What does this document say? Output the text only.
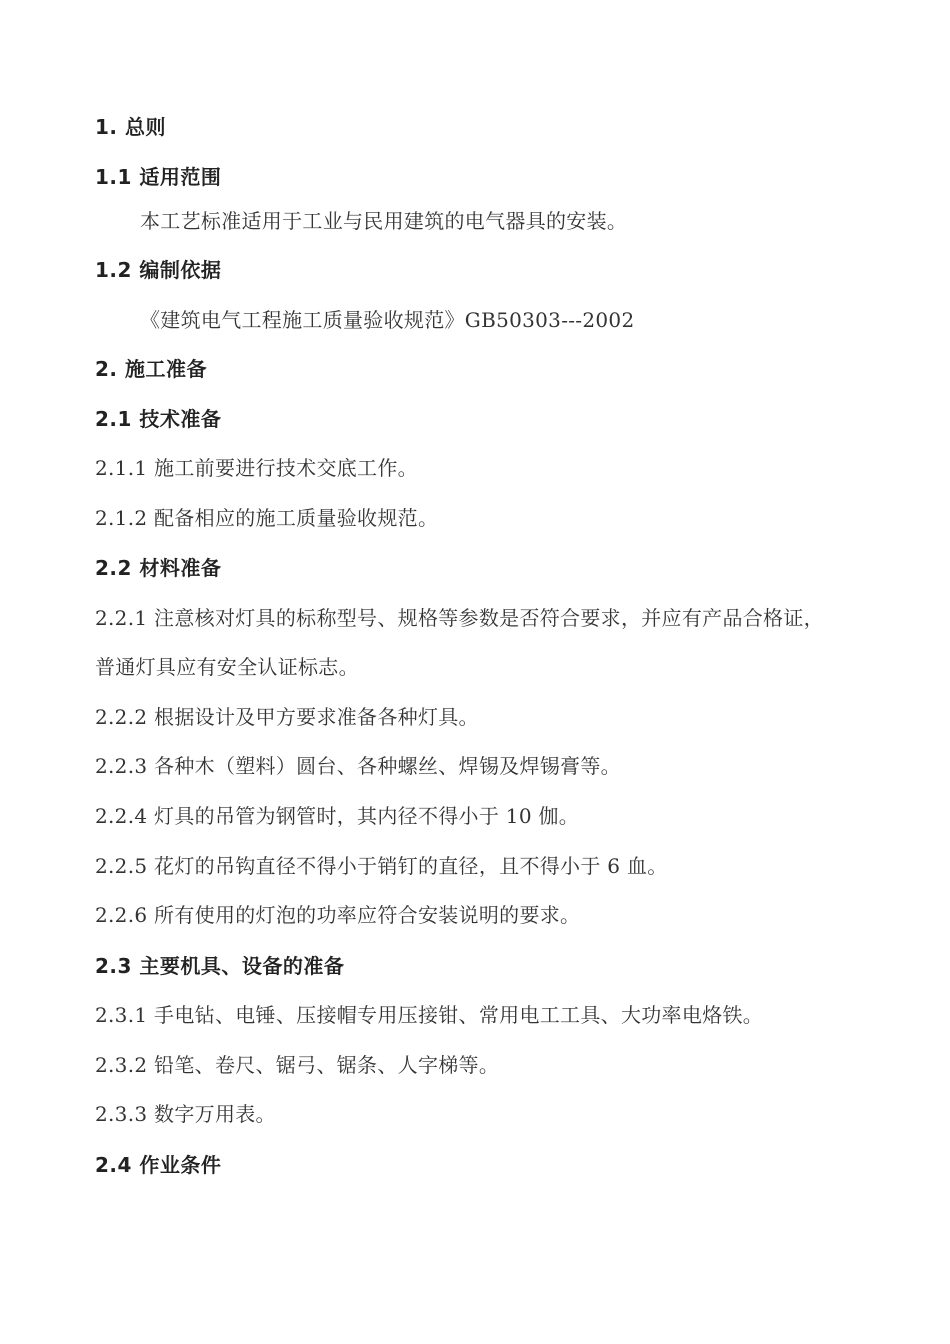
1. 总则
1.1 适用范围
本工艺标准适用于工业与民用建筑的电气器具的安装。
1.2 编制依据
《建筑电气工程施工质量验收规范》GB50303---2002
2. 施工准备
2.1 技术准备
2.1.1 施工前要进行技术交底工作。
2.1.2 配备相应的施工质量验收规范。
2.2 材料准备
2.2.1 注意核对灯具的标称型号、规格等参数是否符合要求，并应有产品合格证，
普通灯具应有安全认证标志。
2.2.2 根据设计及甲方要求准备各种灯具。
2.2.3 各种木（塑料）圆台、各种螺丝、焊锡及焊锡膏等。
2.2.4 灯具的吊管为钢管时，其内径不得小于 10 伽。
2.2.5 花灯的吊钩直径不得小于销钉的直径，且不得小于 6 血。
2.2.6 所有使用的灯泡的功率应符合安装说明的要求。
2.3 主要机具、设备的准备
2.3.1 手电钻、电锤、压接帽专用压接钳、常用电工工具、大功率电烙铁。
2.3.2 铅笔、卷尺、锯弓、锯条、人字梯等。
2.3.3 数字万用表。
2.4 作业条件
